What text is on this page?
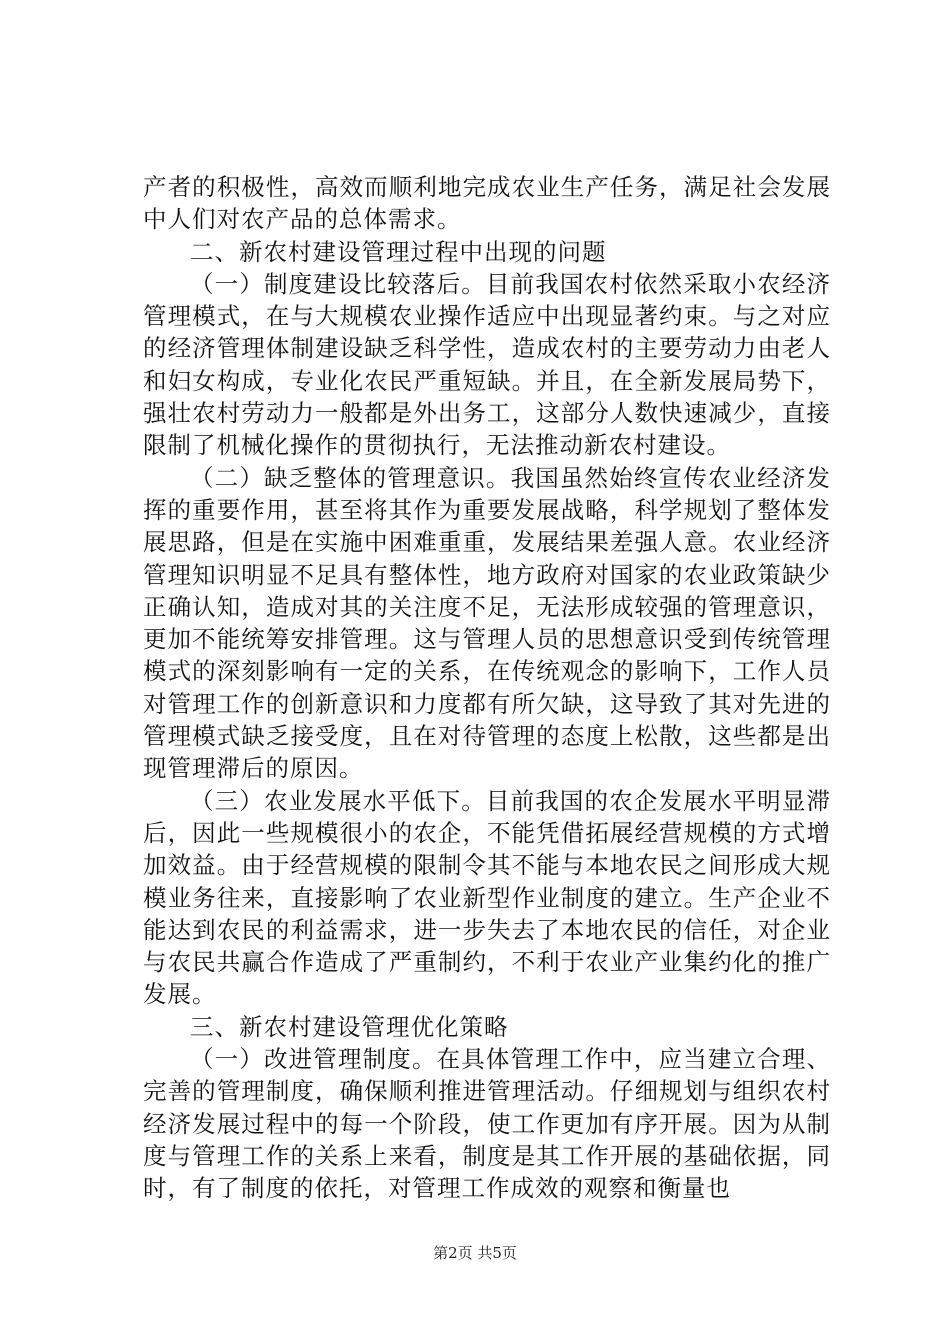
产者的积极性，高效而顺利地完成农业生产任务，满足社会发展中人们对农产品的总体需求。

二、新农村建设管理过程中出现的问题

（一）制度建设比较落后。目前我国农村依然采取小农经济管理模式，在与大规模农业操作适应中出现显著约束。与之对应的经济管理体制建设缺乏科学性，造成农村的主要劳动力由老人和妇女构成，专业化农民严重短缺。并且，在全新发展局势下，强壮农村劳动力一般都是外出务工，这部分人数快速减少，直接限制了机械化操作的贯彻执行，无法推动新农村建设。

（二）缺乏整体的管理意识。我国虽然始终宣传农业经济发挥的重要作用，甚至将其作为重要发展战略，科学规划了整体发展思路，但是在实施中困难重重，发展结果差强人意。农业经济管理知识明显不足具有整体性，地方政府对国家的农业政策缺少正确认知，造成对其的关注度不足，无法形成较强的管理意识，更加不能统筹安排管理。这与管理人员的思想意识受到传统管理模式的深刻影响有一定的关系，在传统观念的影响下，工作人员对管理工作的创新意识和力度都有所欠缺，这导致了其对先进的管理模式缺乏接受度，且在对待管理的态度上松散，这些都是出现管理滞后的原因。

（三）农业发展水平低下。目前我国的农企发展水平明显滞后，因此一些规模很小的农企，不能凭借拓展经营规模的方式增加效益。由于经营规模的限制令其不能与本地农民之间形成大规模业务往来，直接影响了农业新型作业制度的建立。生产企业不能达到农民的利益需求，进一步失去了本地农民的信任，对企业与农民共赢合作造成了严重制约，不利于农业产业集约化的推广发展。

三、新农村建设管理优化策略

（一）改进管理制度。在具体管理工作中，应当建立合理、完善的管理制度，确保顺利推进管理活动。仔细规划与组织农村经济发展过程中的每一个阶段，使工作更加有序开展。因为从制度与管理工作的关系上来看，制度是其工作开展的基础依据，同时，有了制度的依托，对管理工作成效的观察和衡量也

第2页 共5页
